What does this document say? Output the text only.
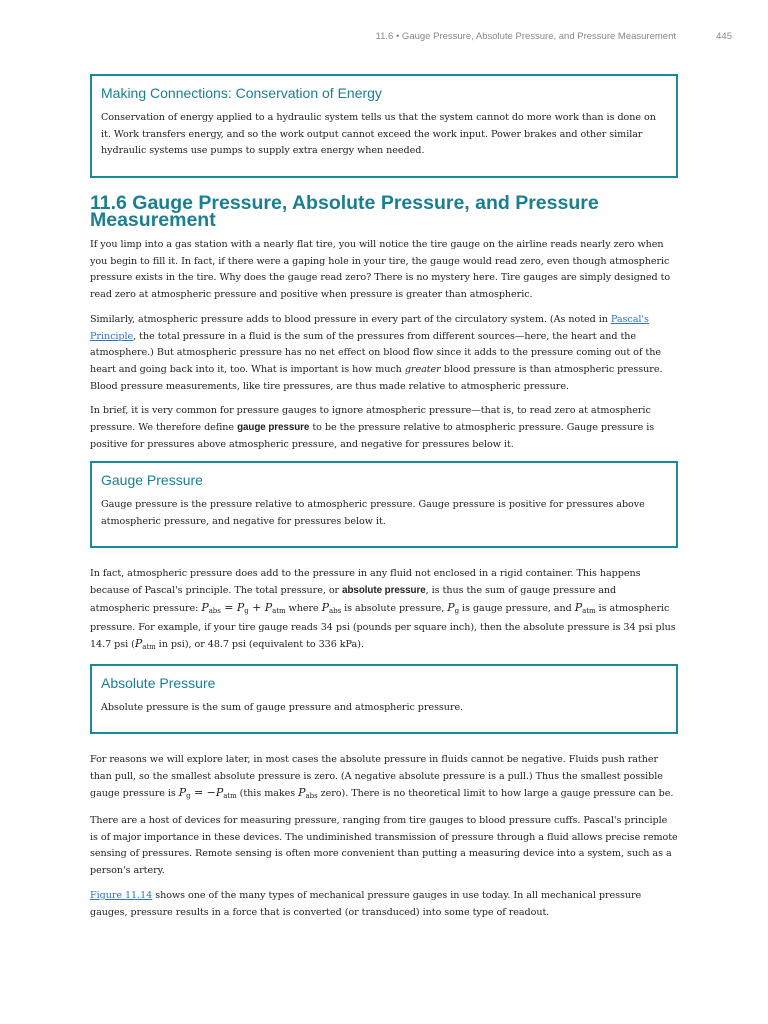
11.6 • Gauge Pressure, Absolute Pressure, and Pressure Measurement	445
Making Connections: Conservation of Energy

Conservation of energy applied to a hydraulic system tells us that the system cannot do more work than is done on it. Work transfers energy, and so the work output cannot exceed the work input. Power brakes and other similar hydraulic systems use pumps to supply extra energy when needed.

11.6 Gauge Pressure, Absolute Pressure, and Pressure Measurement

If you limp into a gas station with a nearly flat tire, you will notice the tire gauge on the airline reads nearly zero when you begin to fill it. In fact, if there were a gaping hole in your tire, the gauge would read zero, even though atmospheric pressure exists in the tire. Why does the gauge read zero? There is no mystery here. Tire gauges are simply designed to read zero at atmospheric pressure and positive when pressure is greater than atmospheric.

Similarly, atmospheric pressure adds to blood pressure in every part of the circulatory system. (As noted in Pascal's Principle, the total pressure in a fluid is the sum of the pressures from different sources—here, the heart and the atmosphere.) But atmospheric pressure has no net effect on blood flow since it adds to the pressure coming out of the heart and going back into it, too. What is important is how much greater blood pressure is than atmospheric pressure. Blood pressure measurements, like tire pressures, are thus made relative to atmospheric pressure.

In brief, it is very common for pressure gauges to ignore atmospheric pressure—that is, to read zero at atmospheric pressure. We therefore define gauge pressure to be the pressure relative to atmospheric pressure. Gauge pressure is positive for pressures above atmospheric pressure, and negative for pressures below it.

Gauge Pressure

Gauge pressure is the pressure relative to atmospheric pressure. Gauge pressure is positive for pressures above atmospheric pressure, and negative for pressures below it.

In fact, atmospheric pressure does add to the pressure in any fluid not enclosed in a rigid container. This happens because of Pascal's principle. The total pressure, or absolute pressure, is thus the sum of gauge pressure and atmospheric pressure: $P_{abs} = P_g + P_{atm}$ where $P_{abs}$ is absolute pressure, $P_g$ is gauge pressure, and $P_{atm}$ is atmospheric pressure. For example, if your tire gauge reads 34 psi (pounds per square inch), then the absolute pressure is 34 psi plus 14.7 psi ($P_{atm}$ in psi), or 48.7 psi (equivalent to 336 kPa).

Absolute Pressure

Absolute pressure is the sum of gauge pressure and atmospheric pressure.

For reasons we will explore later, in most cases the absolute pressure in fluids cannot be negative. Fluids push rather than pull, so the smallest absolute pressure is zero. (A negative absolute pressure is a pull.) Thus the smallest possible gauge pressure is $P_g = -P_{atm}$ (this makes $P_{abs}$ zero). There is no theoretical limit to how large a gauge pressure can be.

There are a host of devices for measuring pressure, ranging from tire gauges to blood pressure cuffs. Pascal's principle is of major importance in these devices. The undiminished transmission of pressure through a fluid allows precise remote sensing of pressures. Remote sensing is often more convenient than putting a measuring device into a system, such as a person's artery.

Figure 11.14 shows one of the many types of mechanical pressure gauges in use today. In all mechanical pressure gauges, pressure results in a force that is converted (or transduced) into some type of readout.
